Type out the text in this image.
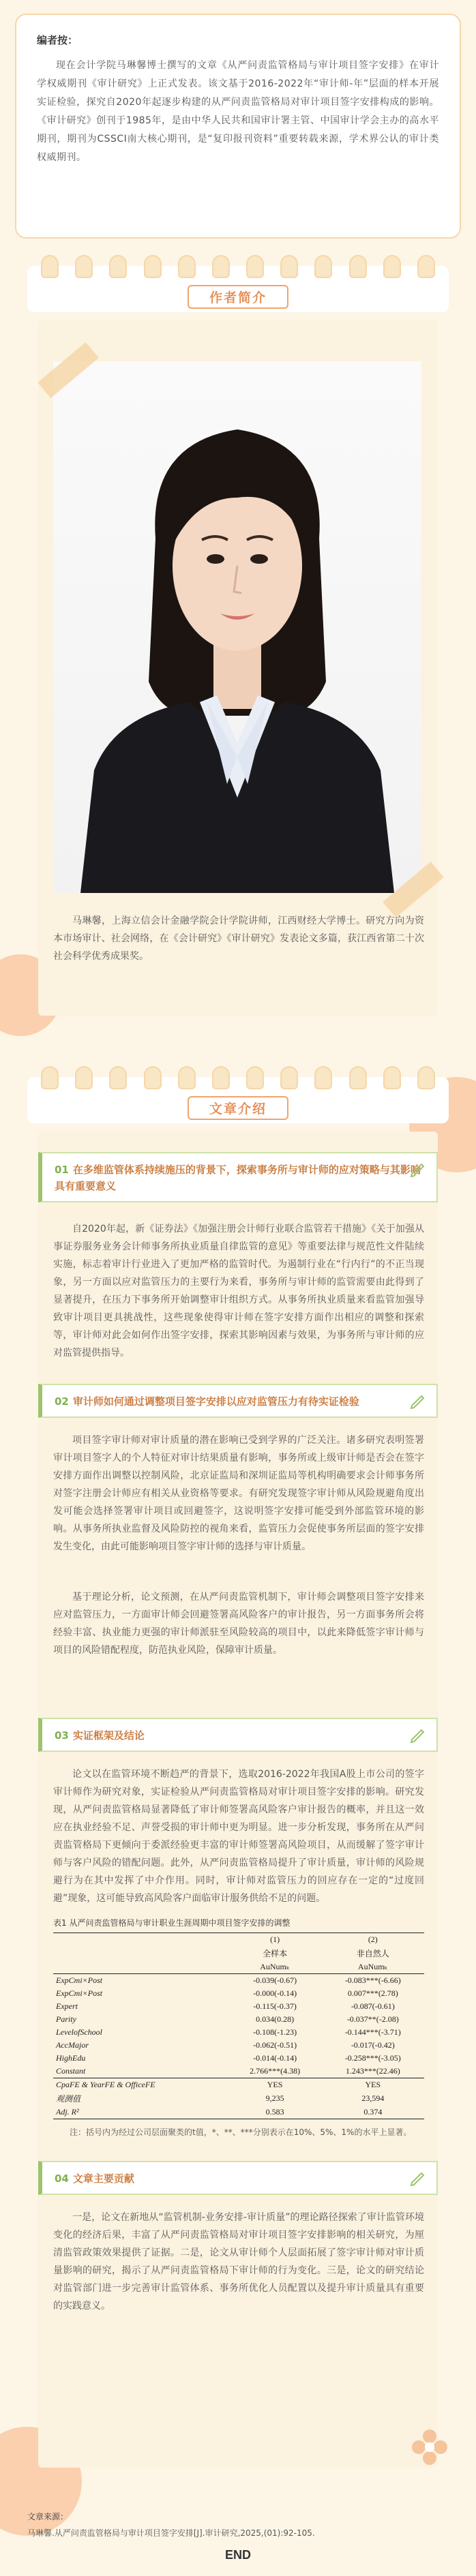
编者按：

现在会计学院马琳馨博士撰写的文章《从严问责监管格局与审计项目签字安排》在审计学权威期刊《审计研究》上正式发表。该文基于2016-2022年“审计师-年”层面的样本开展实证检验，探究自2020年起逐步构建的从严问责监管格局对审计项目签字安排构成的影响。《审计研究》创刊于1985年，是由中华人民共和国审计署主管、中国审计学会主办的高水平期刊，期刊为CSSCI南大核心期刊，是“复印报刊资料”重要转载来源，学术界公认的审计类权威期刊。

作者简介

马琳馨，上海立信会计金融学院会计学院讲师，江西财经大学博士。研究方向为资本市场审计、社会网络，在《会计研究》《审计研究》发表论文多篇，获江西省第二十次社会科学优秀成果奖。

文章介绍
01 在多维监管体系持续施压的背景下，探索事务所与审计师的应对策略与其影响具有重要意义

自2020年起，新《证券法》《加强注册会计师行业联合监管若干措施》《关于加强从事证券服务业务会计师事务所执业质量自律监管的意见》等重要法律与规范性文件陆续实施，标志着审计行业进入了更加严格的监管时代。为遏制行业在“行内行”的不正当现象，另一方面以应对监管压力的主要行为来看，事务所与审计师的监管需要由此得到了显著提升，在压力下事务所开始调整审计组织方式。从事务所执业质量来看监管加强导致审计项目更具挑战性，这些现象使得审计师在签字安排方面作出相应的调整和探索等，审计师对此会如何作出签字安排，探索其影响因素与效果，为事务所与审计师的应对监管提供指导。

02 审计师如何通过调整项目签字安排以应对监管压力有待实证检验

项目签字审计师对审计质量的潜在影响已受到学界的广泛关注。诸多研究表明签署审计项目签字人的个人特征对审计结果质量有影响，事务所或上级审计师是否会在签字安排方面作出调整以控制风险，北京证监局和深圳证监局等机构明确要求会计师事务所对签字注册会计师应有相关从业资格等要求。有研究发现签字审计师从风险规避角度出发可能会选择签署审计项目或回避签字，这说明签字安排可能受到外部监管环境的影响。从事务所执业监督及风险防控的视角来看，监管压力会促使事务所层面的签字安排发生变化，由此可能影响项目签字审计师的选择与审计质量。

基于理论分析，论文预测，在从严问责监管机制下，审计师会调整项目签字安排来应对监管压力，一方面审计师会回避签署高风险客户的审计报告，另一方面事务所会将经验丰富、执业能力更强的审计师派驻至风险较高的项目中，以此来降低签字审计师与项目的风险错配程度，防范执业风险，保障审计质量。

03 实证框架及结论

论文以在监管环境不断趋严的背景下，选取2016-2022年我国A股上市公司的签字审计师作为研究对象，实证检验从严问责监管格局对审计项目签字安排的影响。研究发现，从严问责监管格局显著降低了审计师签署高风险客户审计报告的概率，并且这一效应在执业经验不足、声誉受损的审计师中更为明显。进一步分析发现，事务所在从严问责监管格局下更倾向于委派经验更丰富的审计师签署高风险项目，从而缓解了签字审计师与客户风险的错配问题。此外，从严问责监管格局提升了审计质量，审计师的风险规避行为在其中发挥了中介作用。同时，审计师对监管压力的回应存在一定的“过度回避”现象，这可能导致高风险客户面临审计服务供给不足的问题。

表1 从严问责监管格局与审计职业生涯周期中项目签字安排的调整
	(1)	(2)
	全样本	非自然人
	AuNumₖ	AuNumₖ
ExpCmi×Post	-0.039(-0.67)	-0.083***(-6.66)
ExpCmi×Post	-0.000(-0.14)	0.007***(2.78)
Expert	-0.115(-0.37)	-0.087(-0.61)
Parity	0.034(0.28)	-0.037**(-2.08)
LevelofSchool	-0.108(-1.23)	-0.144***(-3.71)
AccMajor	-0.062(-0.51)	-0.017(-0.42)
HighEdu	-0.014(-0.14)	-0.258***(-3.05)
Constant	2.766***(4.38)	1.243***(22.46)
CpaFE & YearFE & OfficeFE	YES	YES
观测值	9,235	23,594
Adj. R²	0.583	0.374

注：括号内为经过公司层面聚类的t值，*、**、***分别表示在10%、5%、1%的水平上显著。

04 文章主要贡献

一是，论文在新地从“监管机制-业务安排-审计质量”的理论路径探索了审计监管环境变化的经济后果，丰富了从严问责监管格局对审计项目签字安排影响的相关研究，为厘清监管政策效果提供了证据。二是，论文从审计师个人层面拓展了签字审计师对审计质量影响的研究，揭示了从严问责监管格局下审计师的行为变化。三是，论文的研究结论对监管部门进一步完善审计监管体系、事务所优化人员配置以及提升审计质量具有重要的实践意义。

文章来源：
马琳馨.从严问责监管格局与审计项目签字安排[J].审计研究,2025,(01):92-105.
END
